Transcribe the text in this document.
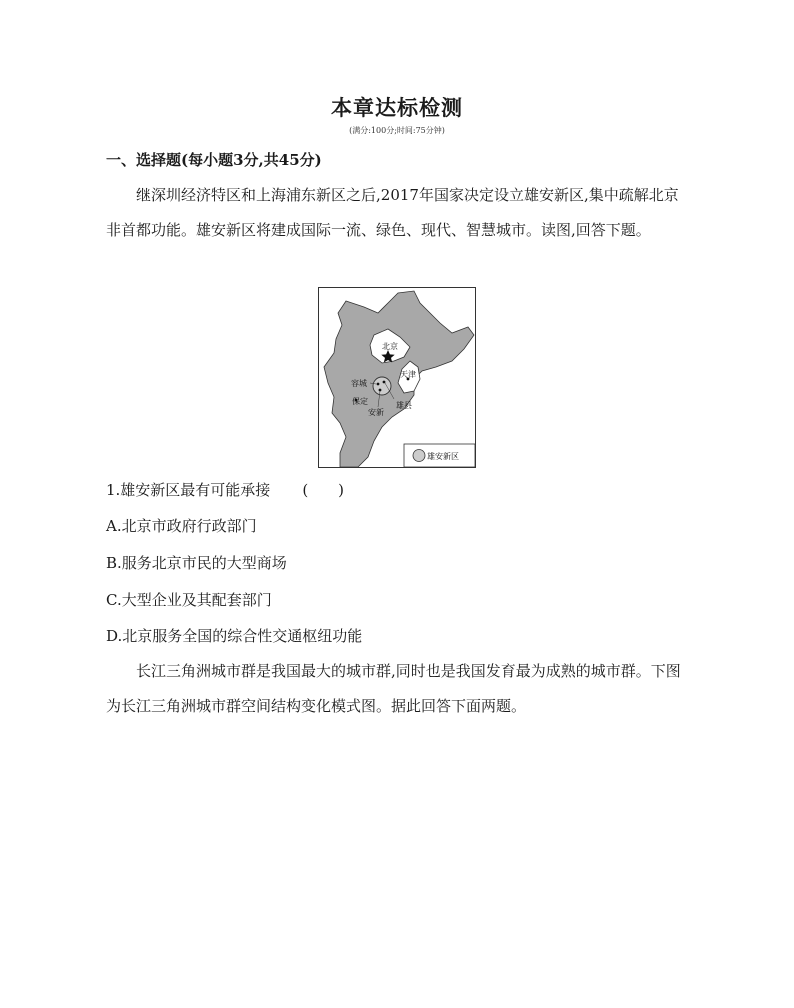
本章达标检测
(满分:100分;时间:75分钟)
一、选择题(每小题3分,共45分)

继深圳经济特区和上海浦东新区之后,2017年国家决定设立雄安新区,集中疏解北京非首都功能。雄安新区将建成国际一流、绿色、现代、智慧城市。读图,回答下题。

北京
天津
容城
保定
安新
雄县
雄安新区
1.雄安新区最有可能承接 (　　)
A.北京市政府行政部门
B.服务北京市民的大型商场
C.大型企业及其配套部门
D.北京服务全国的综合性交通枢纽功能

长江三角洲城市群是我国最大的城市群,同时也是我国发育最为成熟的城市群。下图为长江三角洲城市群空间结构变化模式图。据此回答下面两题。
